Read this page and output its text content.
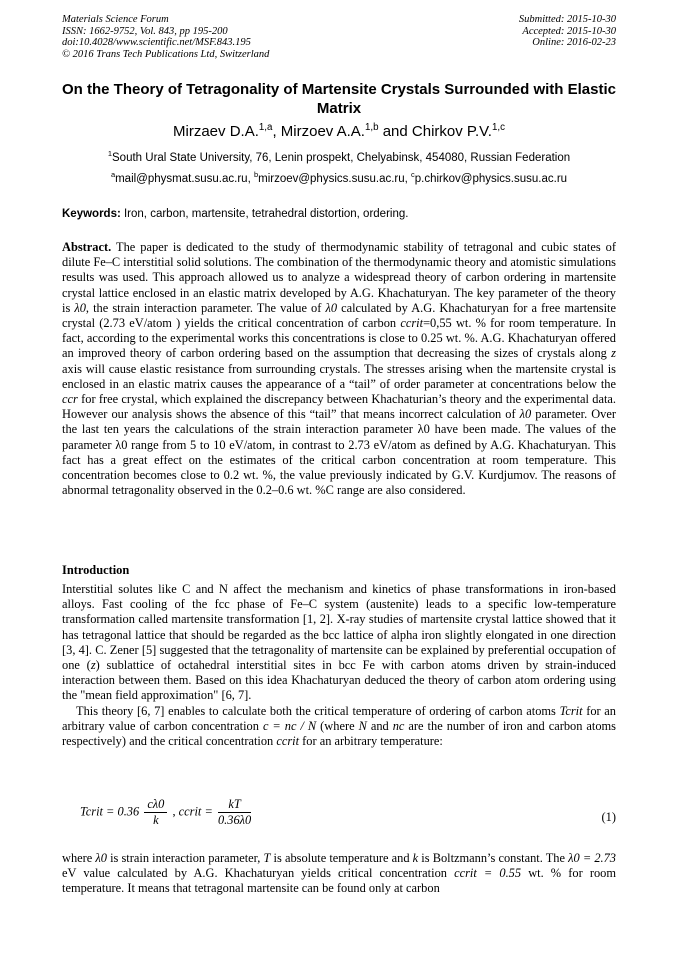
Materials Science Forum
ISSN: 1662-9752, Vol. 843, pp 195-200
doi:10.4028/www.scientific.net/MSF.843.195
© 2016 Trans Tech Publications Ltd, Switzerland
Submitted: 2015-10-30
Accepted: 2015-10-30
Online: 2016-02-23
On the Theory of Tetragonality of Martensite Crystals Surrounded with Elastic Matrix
Mirzaev D.A.$^{1,a}$, Mirzoev A.A.$^{1,b}$ and Chirkov P.V.$^{1,c}$
$^1$South Ural State University, 76, Lenin prospekt, Chelyabinsk, 454080, Russian Federation
$^a$mail@physmat.susu.ac.ru, $^b$mirzoev@physics.susu.ac.ru, $^c$p.chirkov@physics.susu.ac.ru
Keywords: Iron, carbon, martensite, tetrahedral distortion, ordering.
Abstract. The paper is dedicated to the study of thermodynamic stability of tetragonal and cubic states of dilute Fe–C interstitial solid solutions. The combination of the thermodynamic theory and atomistic simulations results was used. This approach allowed us to analyze a widespread theory of carbon ordering in martensite crystal lattice enclosed in an elastic matrix developed by A.G. Khachaturyan. The key parameter of the theory is λ0, the strain interaction parameter. The value of λ0 calculated by A.G. Khachaturyan for a free martensite crystal (2.73 eV/atom ) yields the critical concentration of carbon ccrit=0,55 wt. % for room temperature. In fact, according to the experimental works this concentrations is close to 0.25 wt. %. A.G. Khachaturyan offered an improved theory of carbon ordering based on the assumption that decreasing the sizes of crystals along z axis will cause elastic resistance from surrounding crystals. The stresses arising when the martensite crystal is enclosed in an elastic matrix causes the appearance of a “tail” of order parameter at concentrations below the ccr for free crystal, which explained the discrepancy between Khachaturian’s theory and the experimental data. However our analysis shows the absence of this “tail” that means incorrect calculation of λ0 parameter. Over the last ten years the calculations of the strain interaction parameter λ0 have been made. The values of the parameter λ0 range from 5 to 10 eV/atom, in contrast to 2.73 eV/atom as defined by A.G. Khachaturyan. This fact has a great effect on the estimates of the critical carbon concentration at room temperature. This concentration becomes close to 0.2 wt. %, the value previously indicated by G.V. Kurdjumov. The reasons of abnormal tetragonality observed in the 0.2–0.6 wt. %C range are also considered.
Introduction

Interstitial solutes like C and N affect the mechanism and kinetics of phase transformations in iron-based alloys. Fast cooling of the fcc phase of Fe–C system (austenite) leads to a specific low-temperature transformation called martensite transformation [1, 2]. X-ray studies of martensite crystal lattice showed that it has tetragonal lattice that should be regarded as the bcc lattice of alpha iron slightly elongated in one direction [3, 4]. C. Zener [5] suggested that the tetragonality of martensite can be explained by preferential occupation of one (z) sublattice of octahedral interstitial sites in bcc Fe with carbon atoms driven by strain-induced interaction between them. Based on this idea Khachaturyan deduced the theory of carbon atom ordering using the "mean field approximation" [6, 7].

This theory [6, 7] enables to calculate both the critical temperature of ordering of carbon atoms Tcrit for an arbitrary value of carbon concentration c = nc / N (where N and nc are the number of iron and carbon atoms respectively) and the critical concentration ccrit for an arbitrary temperature:

Tcrit = $0.36 \frac{c\lambda 0}{k}$ , ccrit = $\frac{kT}{0.36\lambda 0}$	(1)
where λ0 is strain interaction parameter, T is absolute temperature and k is Boltzmann’s constant. The λ0 = 2.73 eV value calculated by A.G. Khachaturyan yields critical concentration ccrit = 0.55 wt. % for room temperature. It means that tetragonal martensite can be found only at carbon
